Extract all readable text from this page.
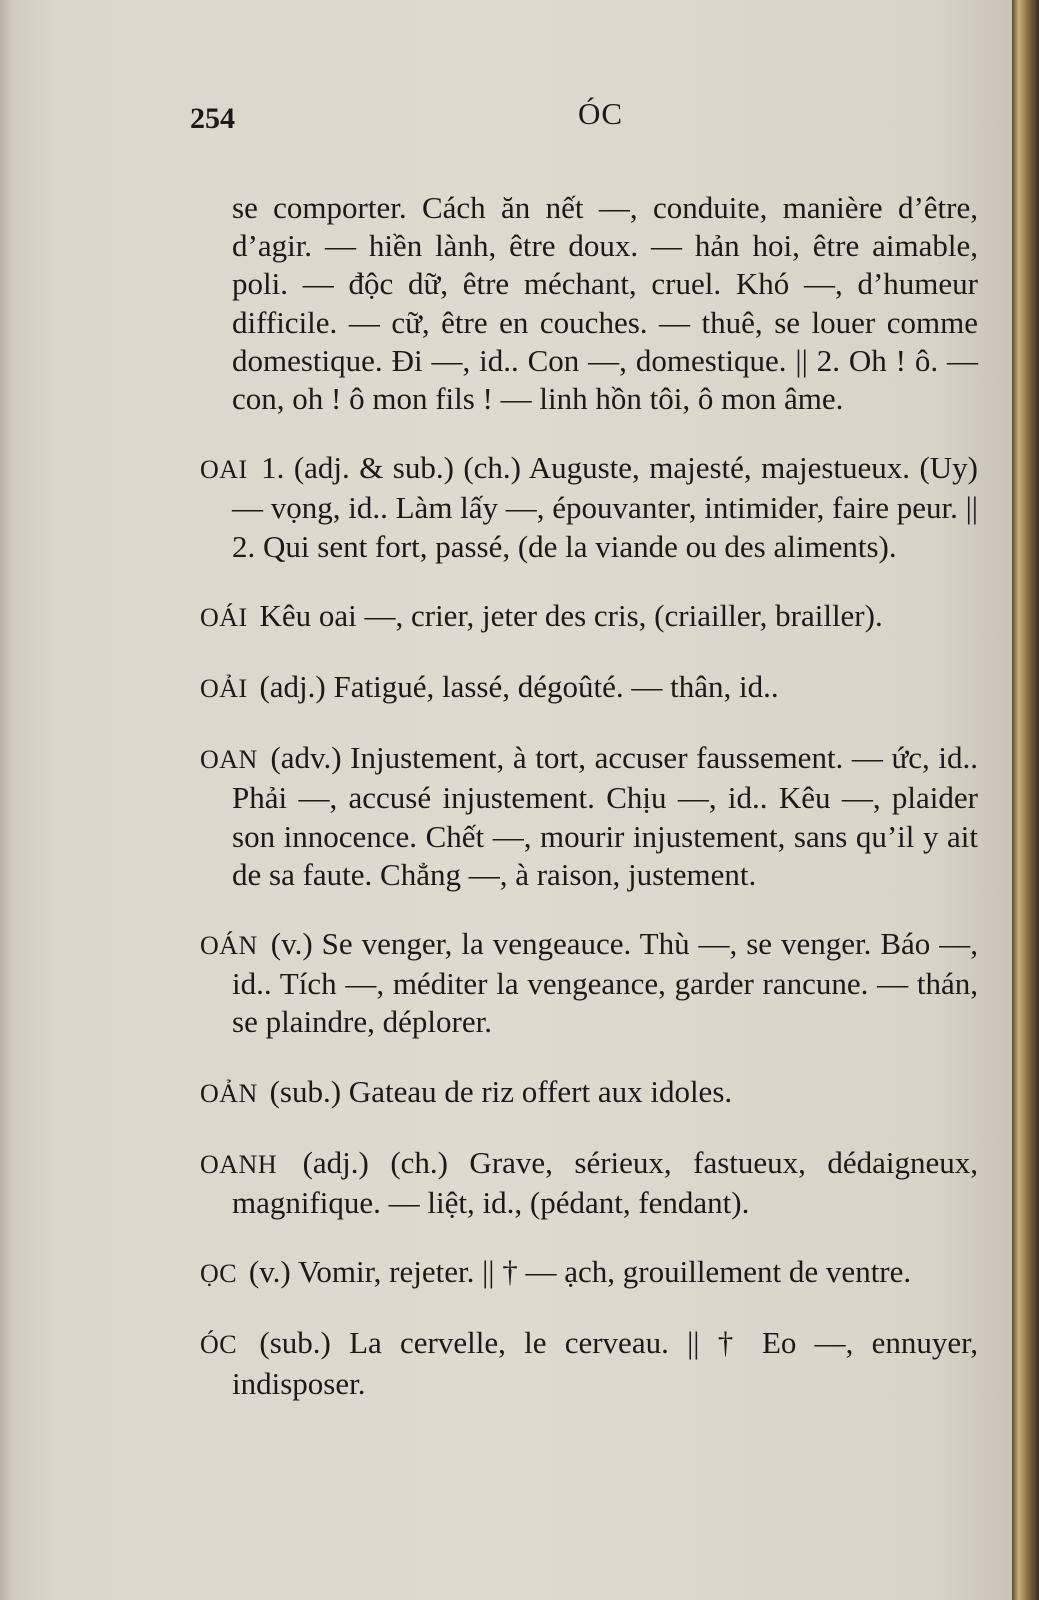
254	ÓC

se comporter. Cách ăn nết —, conduite, manière d’être, d’agir. — hiền lành, être doux. — hản hoi, être aimable, poli. — độc dữ, être méchant, cruel. Khó —, d’humeur difficile. — cữ, être en couches. — thuê, se louer comme domestique. Đi —, id.. Con —, domestique. || 2. Oh ! ô. — con, oh ! ô mon fils ! — linh hồn tôi, ô mon âme.

OAI 1. (adj. & sub.) (ch.) Auguste, majesté, majestueux. (Uy) — vọng, id.. Làm lấy —, épouvanter, intimider, faire peur. || 2. Qui sent fort, passé, (de la viande ou des aliments).

OÁI Kêu oai —, crier, jeter des cris, (criailler, brailler).

OẢI (adj.) Fatigué, lassé, dégoûté. — thân, id..

OAN (adv.) Injustement, à tort, accuser faussement. — ức, id.. Phải —, accusé injustement. Chịu —, id.. Kêu —, plaider son innocence. Chết —, mourir injustement, sans qu’il y ait de sa faute. Chẳng —, à raison, justement.

OÁN (v.) Se venger, la vengeauce. Thù —, se venger. Báo —, id.. Tích —, méditer la vengeance, garder rancune. — thán, se plaindre, déplorer.

OẢN (sub.) Gateau de riz offert aux idoles.

OANH (adj.) (ch.) Grave, sérieux, fastueux, dédaigneux, magnifique. — liệt, id., (pédant, fendant).

ỌC (v.) Vomir, rejeter. || † — ạch, grouillement de ventre.

ÓC (sub.) La cervelle, le cerveau. || † Eo —, ennuyer, indisposer.
